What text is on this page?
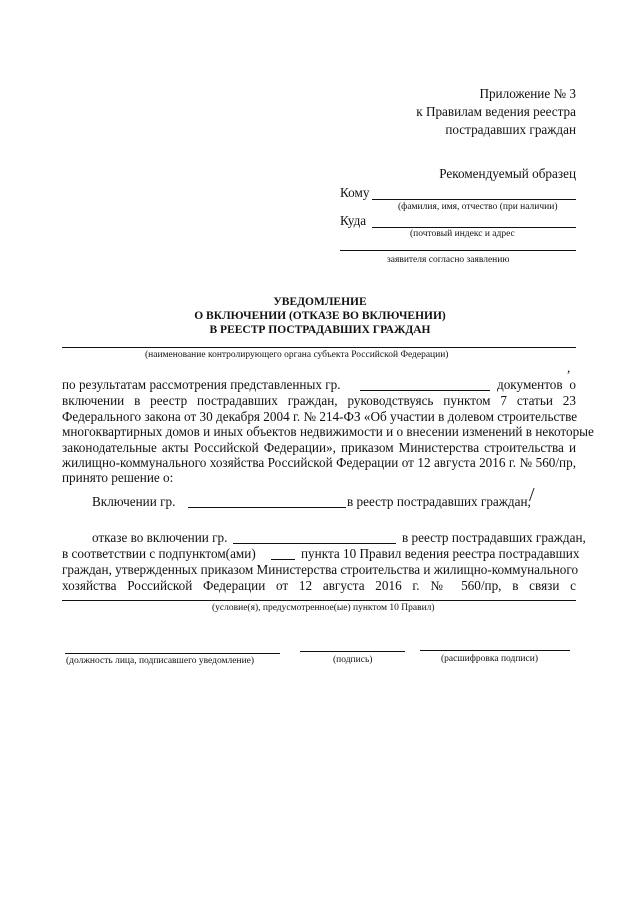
Приложение № 3
к Правилам ведения реестра
пострадавших граждан
Рекомендуемый образец
Кому
(фамилия, имя, отчество (при наличии)
Куда
(почтовый индекс и адрес
заявителя согласно заявлению
УВЕДОМЛЕНИЕ
О ВКЛЮЧЕНИИ (ОТКАЗЕ ВО ВКЛЮЧЕНИИ)
В РЕЕСТР ПОСТРАДАВШИХ ГРАЖДАН
(наименование контролирующего органа субъекта Российской Федерации)
,
по результатам рассмотрения представленных гр.	документов о
включении в реестр пострадавших граждан, руководствуясь пунктом 7 статьи 23
Федерального закона от 30 декабря 2004 г. № 214-ФЗ «Об участии в долевом строительстве
многоквартирных домов и иных объектов недвижимости и о внесении изменений в некоторые
законодательные акты Российской Федерации», приказом Министерства строительства и
жилищно-коммунального хозяйства Российской Федерации от 12 августа 2016 г. № 560/пр,
принято решение о:
Включении гр.	в реестр пострадавших граждан,
/
отказе во включении гр.	в реестр пострадавших граждан,
в соответствии с подпунктом(ами)	пункта 10 Правил ведения реестра пострадавших
граждан, утвержденных приказом Министерства строительства и жилищно-коммунального
хозяйства Российской Федерации от 12 августа 2016 г. № 560/пр, в связи с
(условие(я), предусмотренное(ые) пунктом 10 Правил)
(должность лица, подписавшего уведомление)	(подпись)	(расшифровка подписи)
